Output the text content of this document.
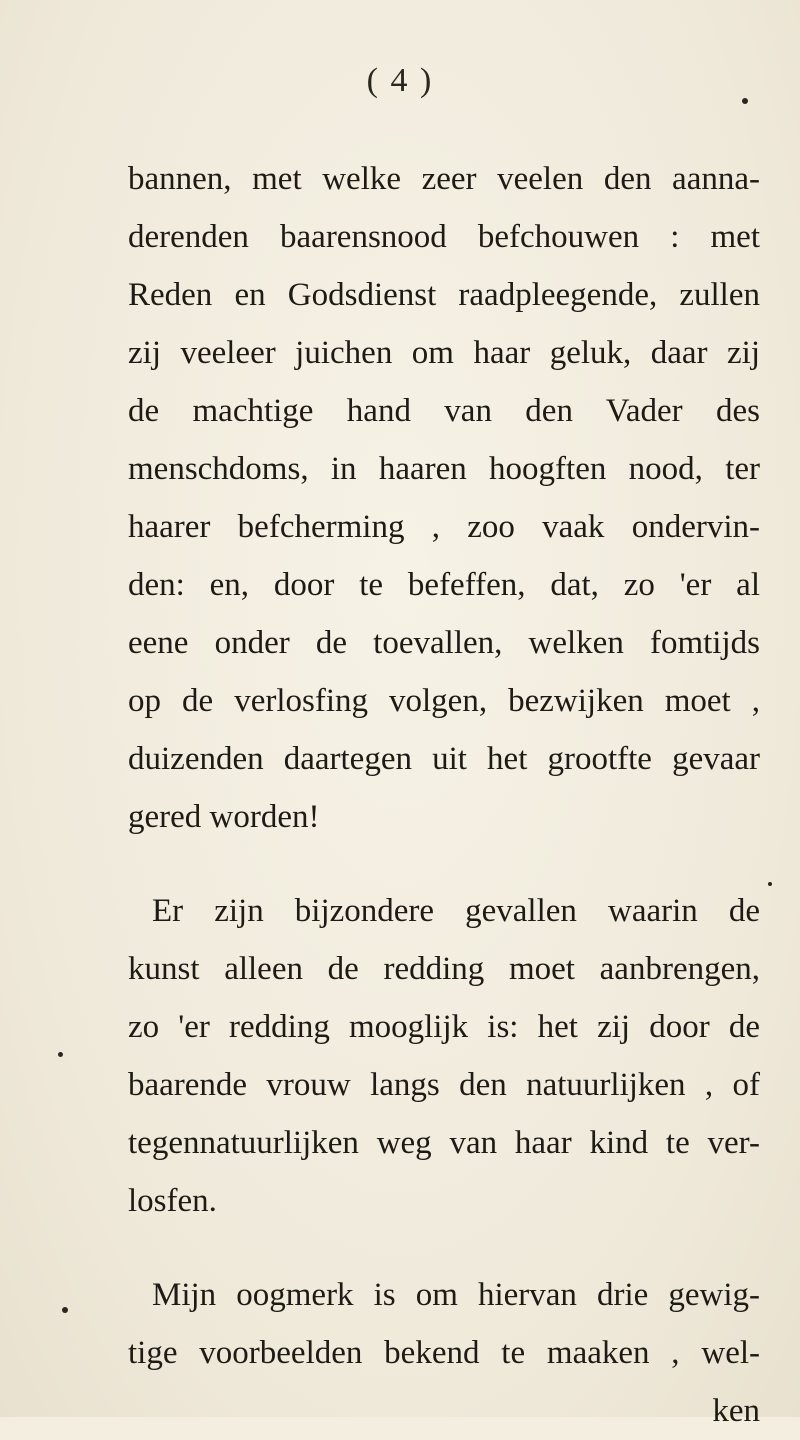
( 4 )
bannen, met welke zeer veelen den aanna-
derenden baarensnood befchouwen : met
Reden en Godsdienst raadpleegende, zullen
zij veeleer juichen om haar geluk, daar zij
de machtige hand van den Vader des
menschdoms, in haaren hoogften nood, ter
haarer befcherming , zoo vaak ondervin-
den: en, door te befeffen, dat, zo 'er al
eene onder de toevallen, welken fomtijds
op de verlosfing volgen, bezwijken moet ,
duizenden daartegen uit het grootfte gevaar
gered worden!
Er zijn bijzondere gevallen waarin de
kunst alleen de redding moet aanbrengen,
zo 'er redding mooglijk is: het zij door de
baarende vrouw langs den natuurlijken , of
tegennatuurlijken weg van haar kind te ver-
losfen.
Mijn oogmerk is om hiervan drie gewig-
tige voorbeelden bekend te maaken , wel-
ken
